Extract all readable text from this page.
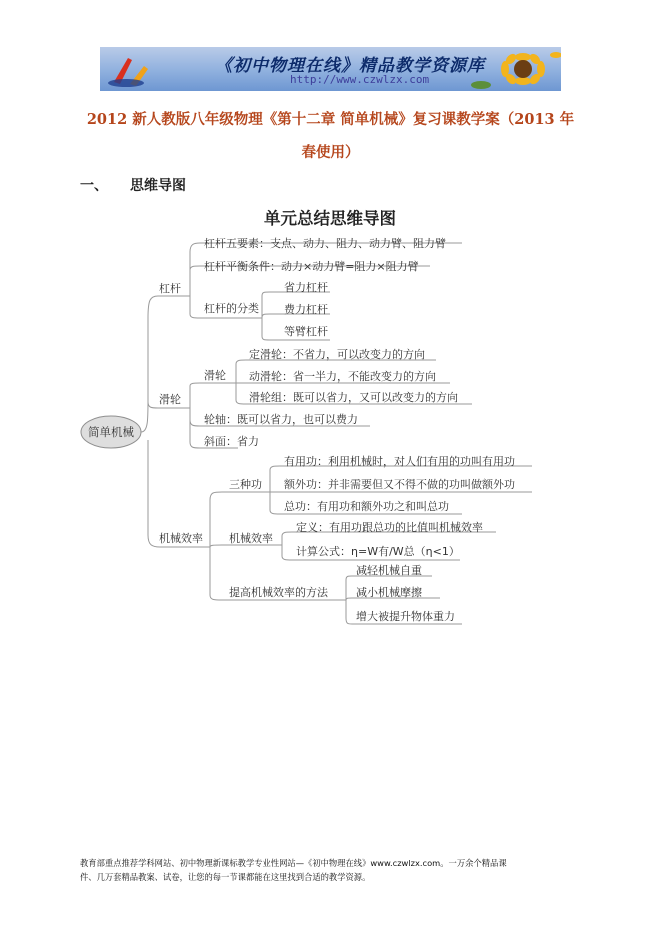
《初中物理在线》精品教学资源库
http://www.czwlzx.com
2012 新人教版八年级物理《第十二章 简单机械》复习课教学案（2013 年
春使用）
一、 思维导图
单元总结思维导图
简单机械
杠杆
杠杆五要素：支点、动力、阻力、动力臂、阻力臂
杠杆平衡条件：动力×动力臂=阻力×阻力臂
杠杆的分类
省力杠杆
费力杠杆
等臂杠杆
滑轮
滑轮
定滑轮：不省力，可以改变力的方向
动滑轮：省一半力，不能改变力的方向
滑轮组：既可以省力，又可以改变力的方向
轮轴：既可以省力，也可以费力
斜面：省力
机械效率
三种功
有用功：利用机械时，对人们有用的功叫有用功
额外功：并非需要但又不得不做的功叫做额外功
总功：有用功和额外功之和叫总功
机械效率
定义：有用功跟总功的比值叫机械效率
计算公式：η=W有/W总（η<1）
提高机械效率的方法
减轻机械自重
减小机械摩擦
增大被提升物体重力
教育部重点推荐学科网站、初中物理新课标教学专业性网站—《初中物理在线》www.czwlzx.com。一万余个精品课
件、几万套精品教案、试卷，让您的每一节课都能在这里找到合适的教学资源。
